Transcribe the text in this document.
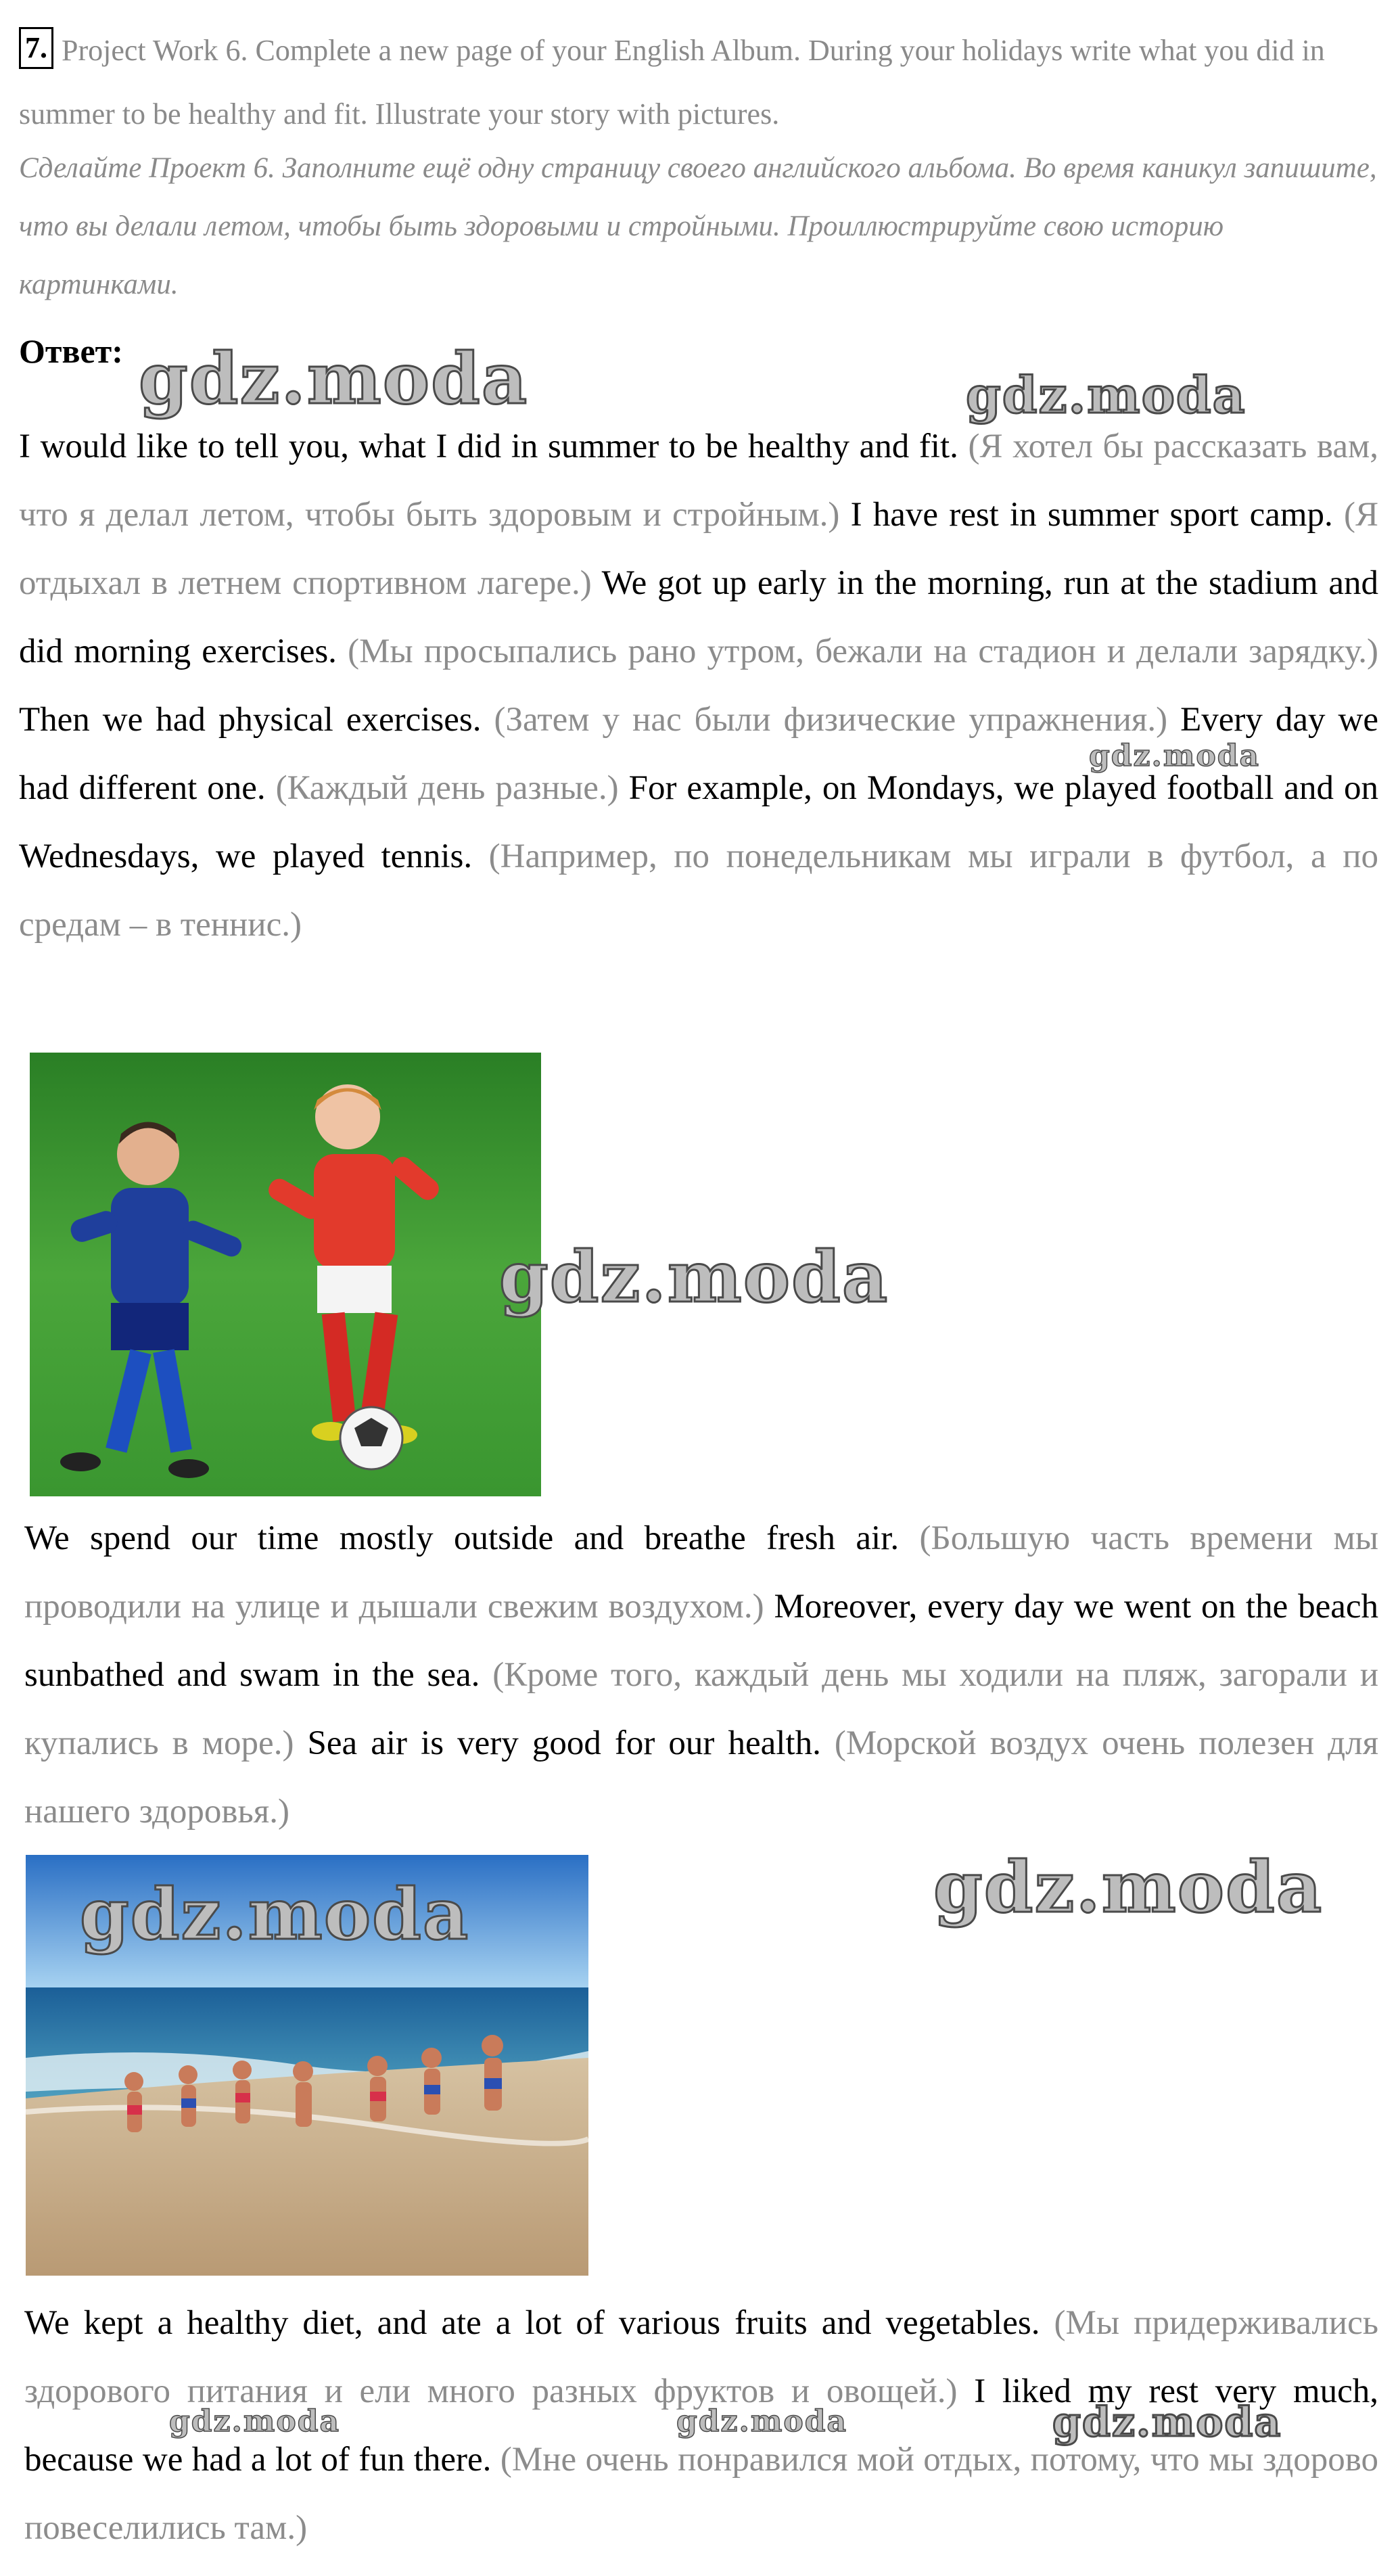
7. Project Work 6. Complete a new page of your English Album. During your holidays write what you did in summer to be healthy and fit. Illustrate your story with pictures.
Сделайте Проект 6. Заполните ещё одну страницу своего английского альбома. Во время каникул запишите, что вы делали летом, чтобы быть здоровыми и стройными. Проиллюстрируйте свою историю картинками.
Ответ:
I would like to tell you, what I did in summer to be healthy and fit. (Я хотел бы рассказать вам, что я делал летом, чтобы быть здоровым и стройным.) I have rest in summer sport camp. (Я отдыхал в летнем спортивном лагере.) We got up early in the morning, run at the stadium and did morning exercises. (Мы просыпались рано утром, бежали на стадион и делали зарядку.) Then we had physical exercises. (Затем у нас были физические упражнения.) Every day we had different one. (Каждый день разные.) For example, on Mondays, we played football and on Wednesdays, we played tennis. (Например, по понедельникам мы играли в футбол, а по средам – в теннис.)
We spend our time mostly outside and breathe fresh air. (Большую часть времени мы проводили на улице и дышали свежим воздухом.) Moreover, every day we went on the beach sunbathed and swam in the sea. (Кроме того, каждый день мы ходили на пляж, загорали и купались в море.) Sea air is very good for our health. (Морской воздух очень полезен для нашего здоровья.)
We kept a healthy diet, and ate a lot of various fruits and vegetables. (Мы придерживались здорового питания и ели много разных фруктов и овощей.) I liked my rest very much, because we had a lot of fun there. (Мне очень понравился мой отдых, потому, что мы здорово повеселились там.)
gdz.moda	gdz.moda
gdz.moda
gdz.moda
gdz.moda
gdz.moda
gdz.moda	gdz.moda	gdz.moda
